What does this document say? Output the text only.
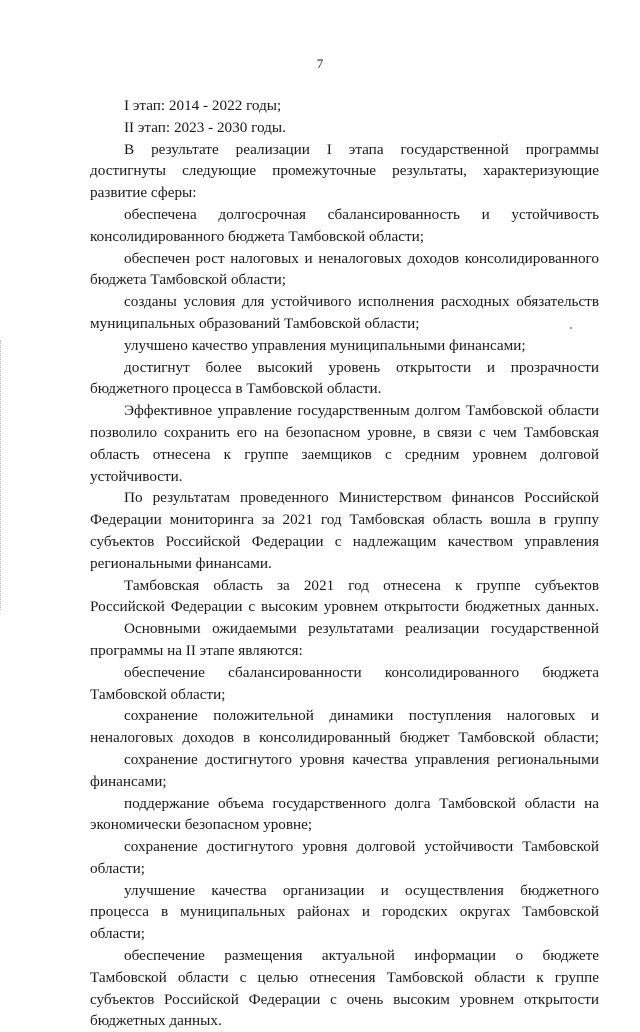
7
I этап: 2014 - 2022 годы;
II этап: 2023 - 2030 годы.
В результате реализации I этапа государственной программы
достигнуты следующие промежуточные результаты, характеризующие
развитие сферы:
обеспечена долгосрочная сбалансированность и устойчивость
консолидированного бюджета Тамбовской области;
обеспечен рост налоговых и неналоговых доходов консолидированного
бюджета Тамбовской области;
созданы условия для устойчивого исполнения расходных обязательств
муниципальных образований Тамбовской области;
улучшено качество управления муниципальными финансами;
достигнут более высокий уровень открытости и прозрачности
бюджетного процесса в Тамбовской области.
Эффективное управление государственным долгом Тамбовской области
позволило сохранить его на безопасном уровне, в связи с чем Тамбовская
область отнесена к группе заемщиков с средним уровнем долговой
устойчивости.
По результатам проведенного Министерством финансов Российской
Федерации мониторинга за 2021 год Тамбовская область вошла в группу
субъектов Российской Федерации с надлежащим качеством управления
региональными финансами.
Тамбовская область за 2021 год отнесена к группе субъектов
Российской Федерации с высоким уровнем открытости бюджетных данных.
Основными ожидаемыми результатами реализации государственной
программы на II этапе являются:
обеспечение сбалансированности консолидированного бюджета
Тамбовской области;
сохранение положительной динамики поступления налоговых и
неналоговых доходов в консолидированный бюджет Тамбовской области;
сохранение достигнутого уровня качества управления региональными
финансами;
поддержание объема государственного долга Тамбовской области на
экономически безопасном уровне;
сохранение достигнутого уровня долговой устойчивости Тамбовской
области;
улучшение качества организации и осуществления бюджетного
процесса в муниципальных районах и городских округах Тамбовской
области;
обеспечение размещения актуальной информации о бюджете
Тамбовской области с целью отнесения Тамбовской области к группе
субъектов Российской Федерации с очень высоким уровнем открытости
бюджетных данных.
